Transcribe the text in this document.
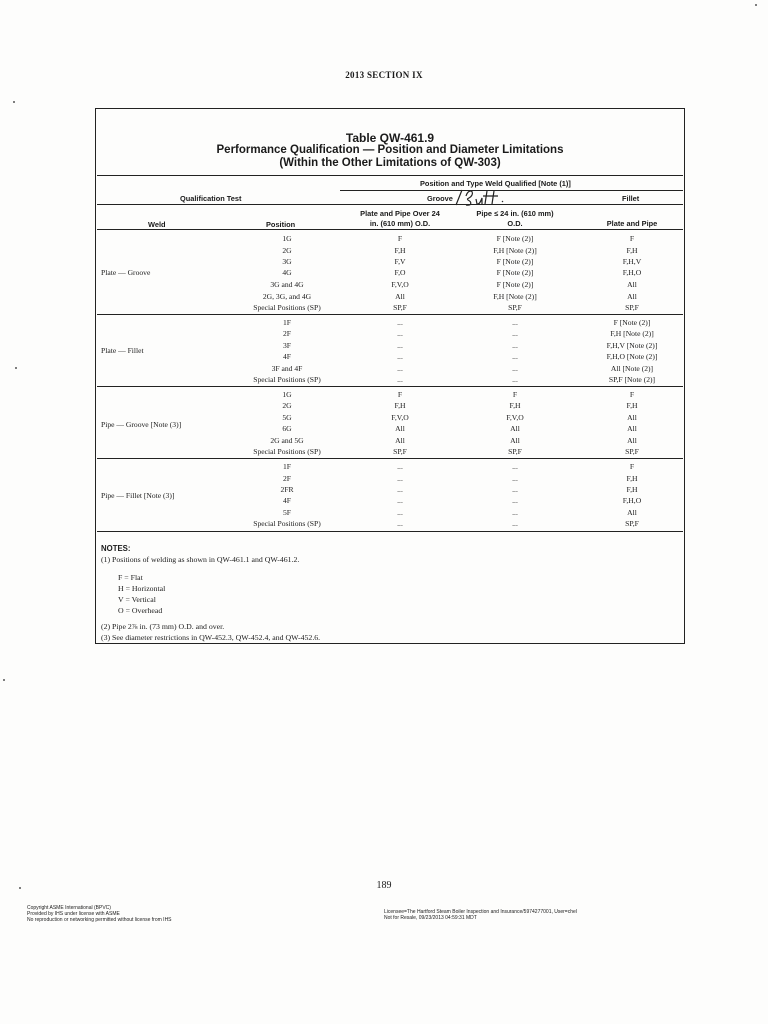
2013 SECTION IX
Table QW-461.9
Performance Qualification — Position and Diameter Limitations
(Within the Other Limitations of QW-303)
Position and Type Weld Qualified [Note (1)]
Qualification Test	Groove	Fillet
Weld	Position
Plate and Pipe Over 24
in. (610 mm) O.D.
Pipe ≤ 24 in. (610 mm)
O.D.	Plate and Pipe
Plate — Groove
1G	F	F [Note (2)]	F
2G	F,H	F,H [Note (2)]	F,H
3G	F,V	F [Note (2)]	F,H,V
4G	F,O	F [Note (2)]	F,H,O
3G and 4G	F,V,O	F [Note (2)]	All
2G, 3G, and 4G	All	F,H [Note (2)]	All
Special Positions (SP)	SP,F	SP,F	SP,F
Plate — Fillet
1F	...	...	F [Note (2)]
2F	...	...	F,H [Note (2)]
3F	...	...	F,H,V [Note (2)]
4F	...	...	F,H,O [Note (2)]
3F and 4F	...	...	All [Note (2)]
Special Positions (SP)	...	...	SP,F [Note (2)]
Pipe — Groove [Note (3)]
1G	F	F	F
2G	F,H	F,H	F,H
5G	F,V,O	F,V,O	All
6G	All	All	All
2G and 5G	All	All	All
Special Positions (SP)	SP,F	SP,F	SP,F
Pipe — Fillet [Note (3)]
1F	...	...	F
2F	...	...	F,H
2FR	...	...	F,H
4F	...	...	F,H,O
5F	...	...	All
Special Positions (SP)	...	...	SP,F
NOTES:
(1) Positions of welding as shown in QW-461.1 and QW-461.2.
F = Flat
H = Horizontal
V = Vertical
O = Overhead
(2) Pipe 2⅞ in. (73 mm) O.D. and over.
(3) See diameter restrictions in QW-452.3, QW-452.4, and QW-452.6.
189
Copyright ASME International (BPVC)
Provided by IHS under license with ASME
No reproduction or networking permitted without license from IHS
Licensee=The Hartford Steam Boiler Inspection and Insurance/5974277001, User=chel
Not for Resale, 09/23/2013 04:59:31 MDT
